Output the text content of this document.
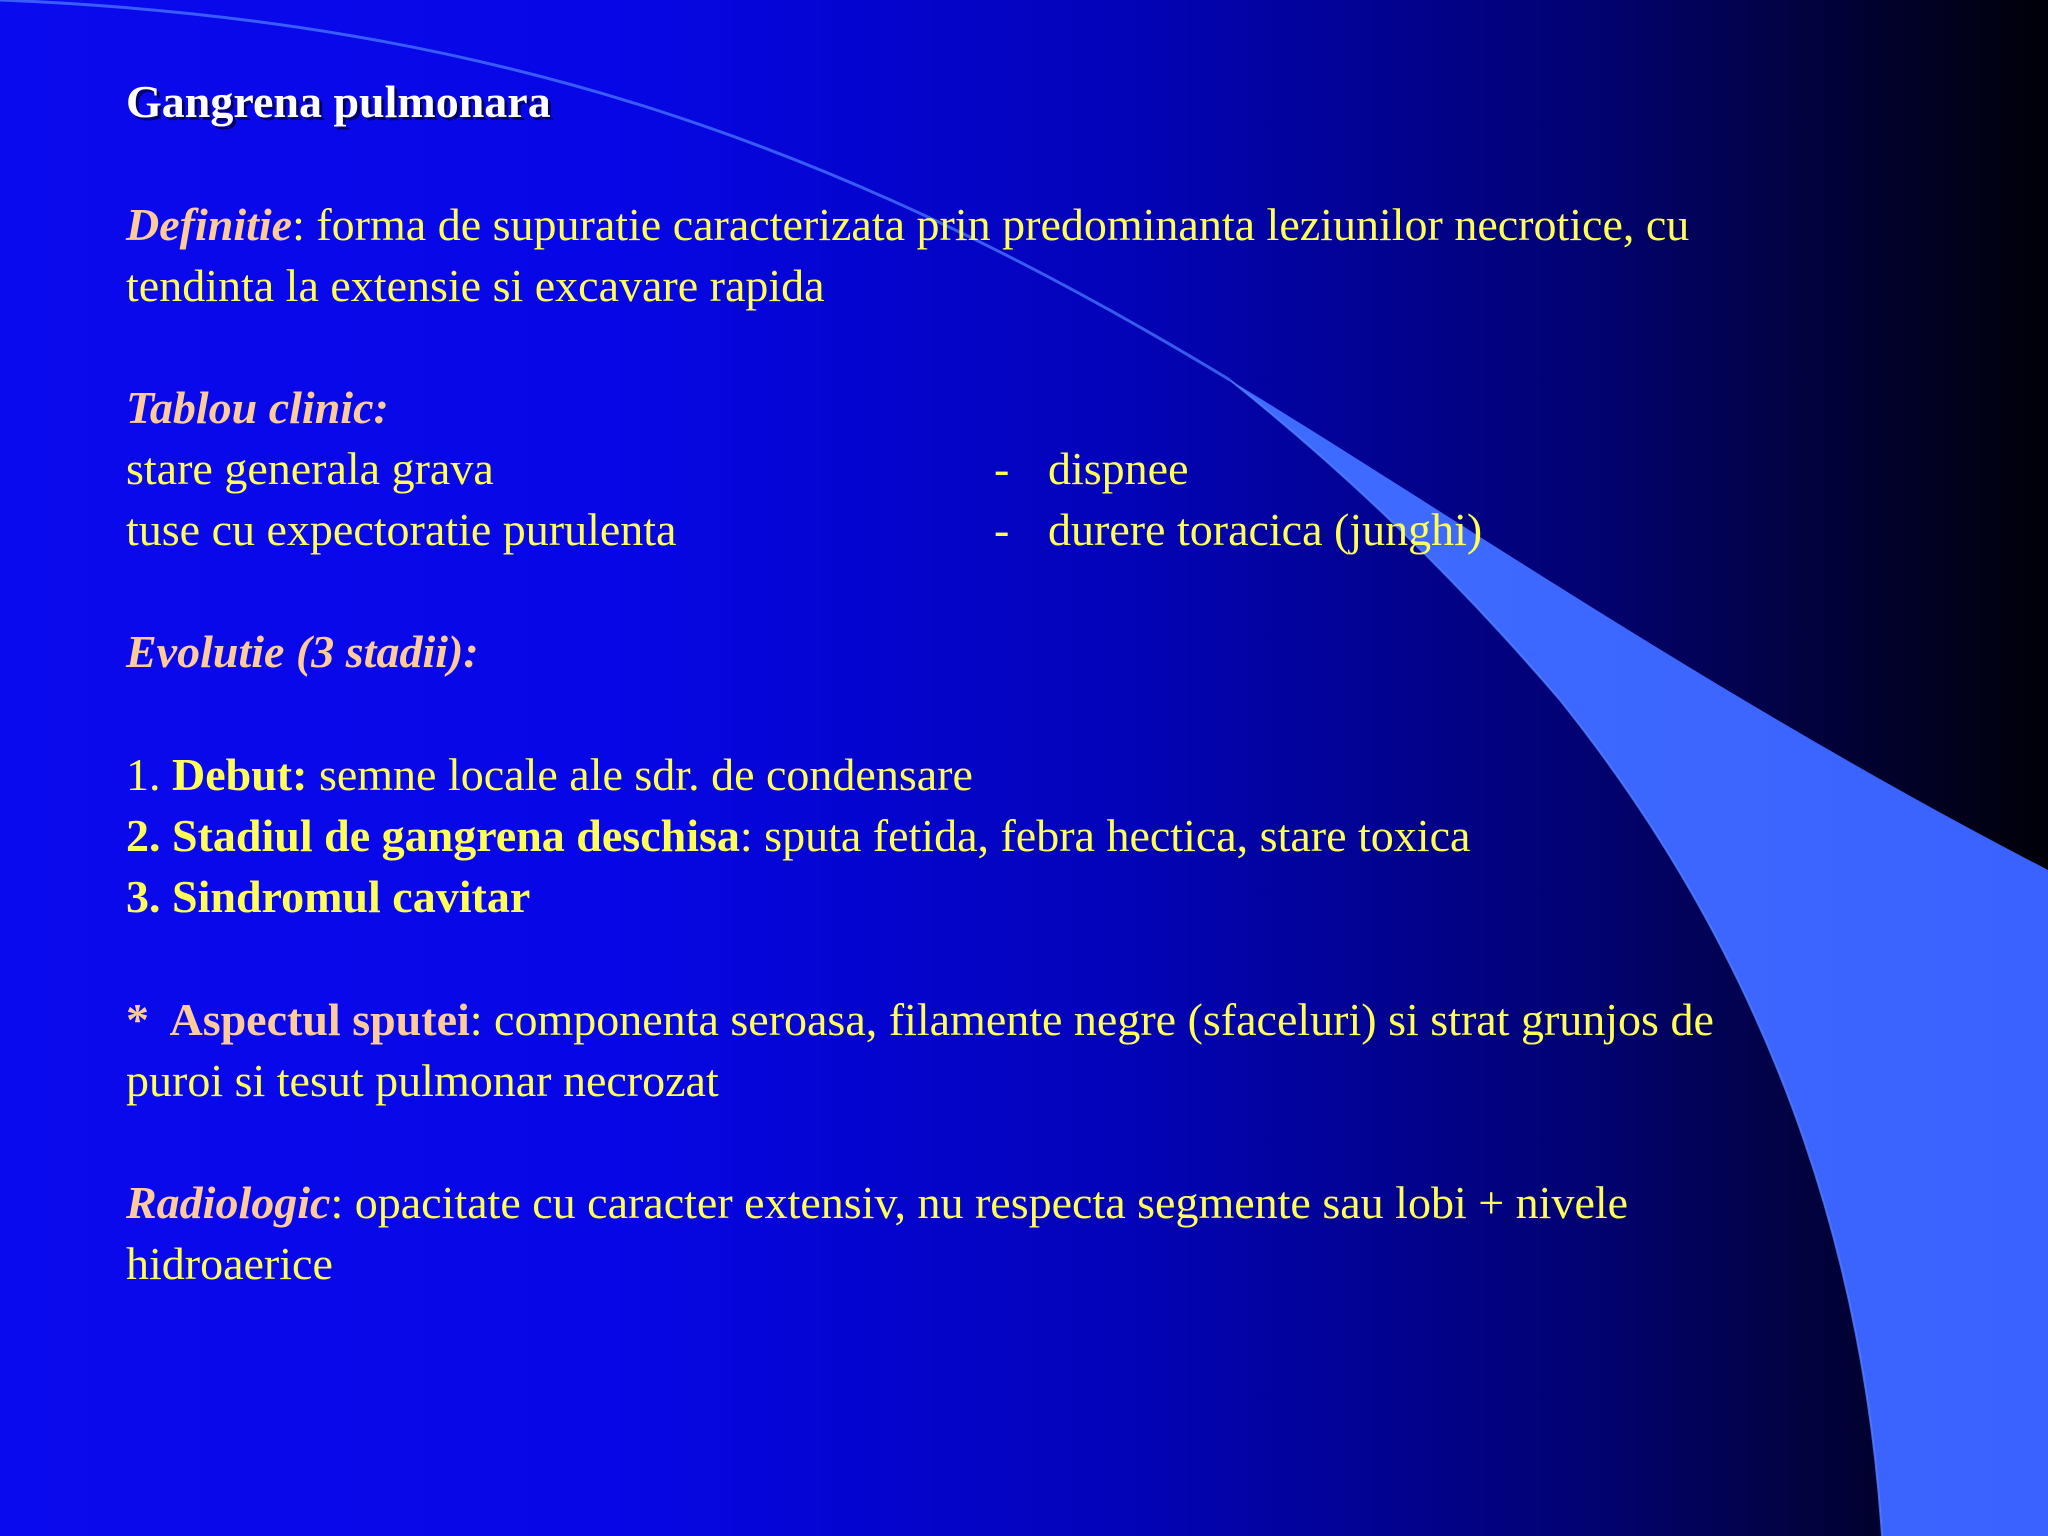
Gangrena pulmonara
Definitie: forma de supuratie caracterizata prin predominanta leziunilor necrotice, cu
tendinta la extensie si excavare rapida
Tablou clinic:
stare generala grava	- dispnee
tuse cu expectoratie purulenta	- durere toracica (junghi)
Evolutie (3 stadii):
1. Debut: semne locale ale sdr. de condensare
2. Stadiul de gangrena deschisa: sputa fetida, febra hectica, stare toxica
3. Sindromul cavitar
*  Aspectul sputei: componenta seroasa, filamente negre (sfaceluri) si strat grunjos de
puroi si tesut pulmonar necrozat
Radiologic: opacitate cu caracter extensiv, nu respecta segmente sau lobi + nivele
hidroaerice
